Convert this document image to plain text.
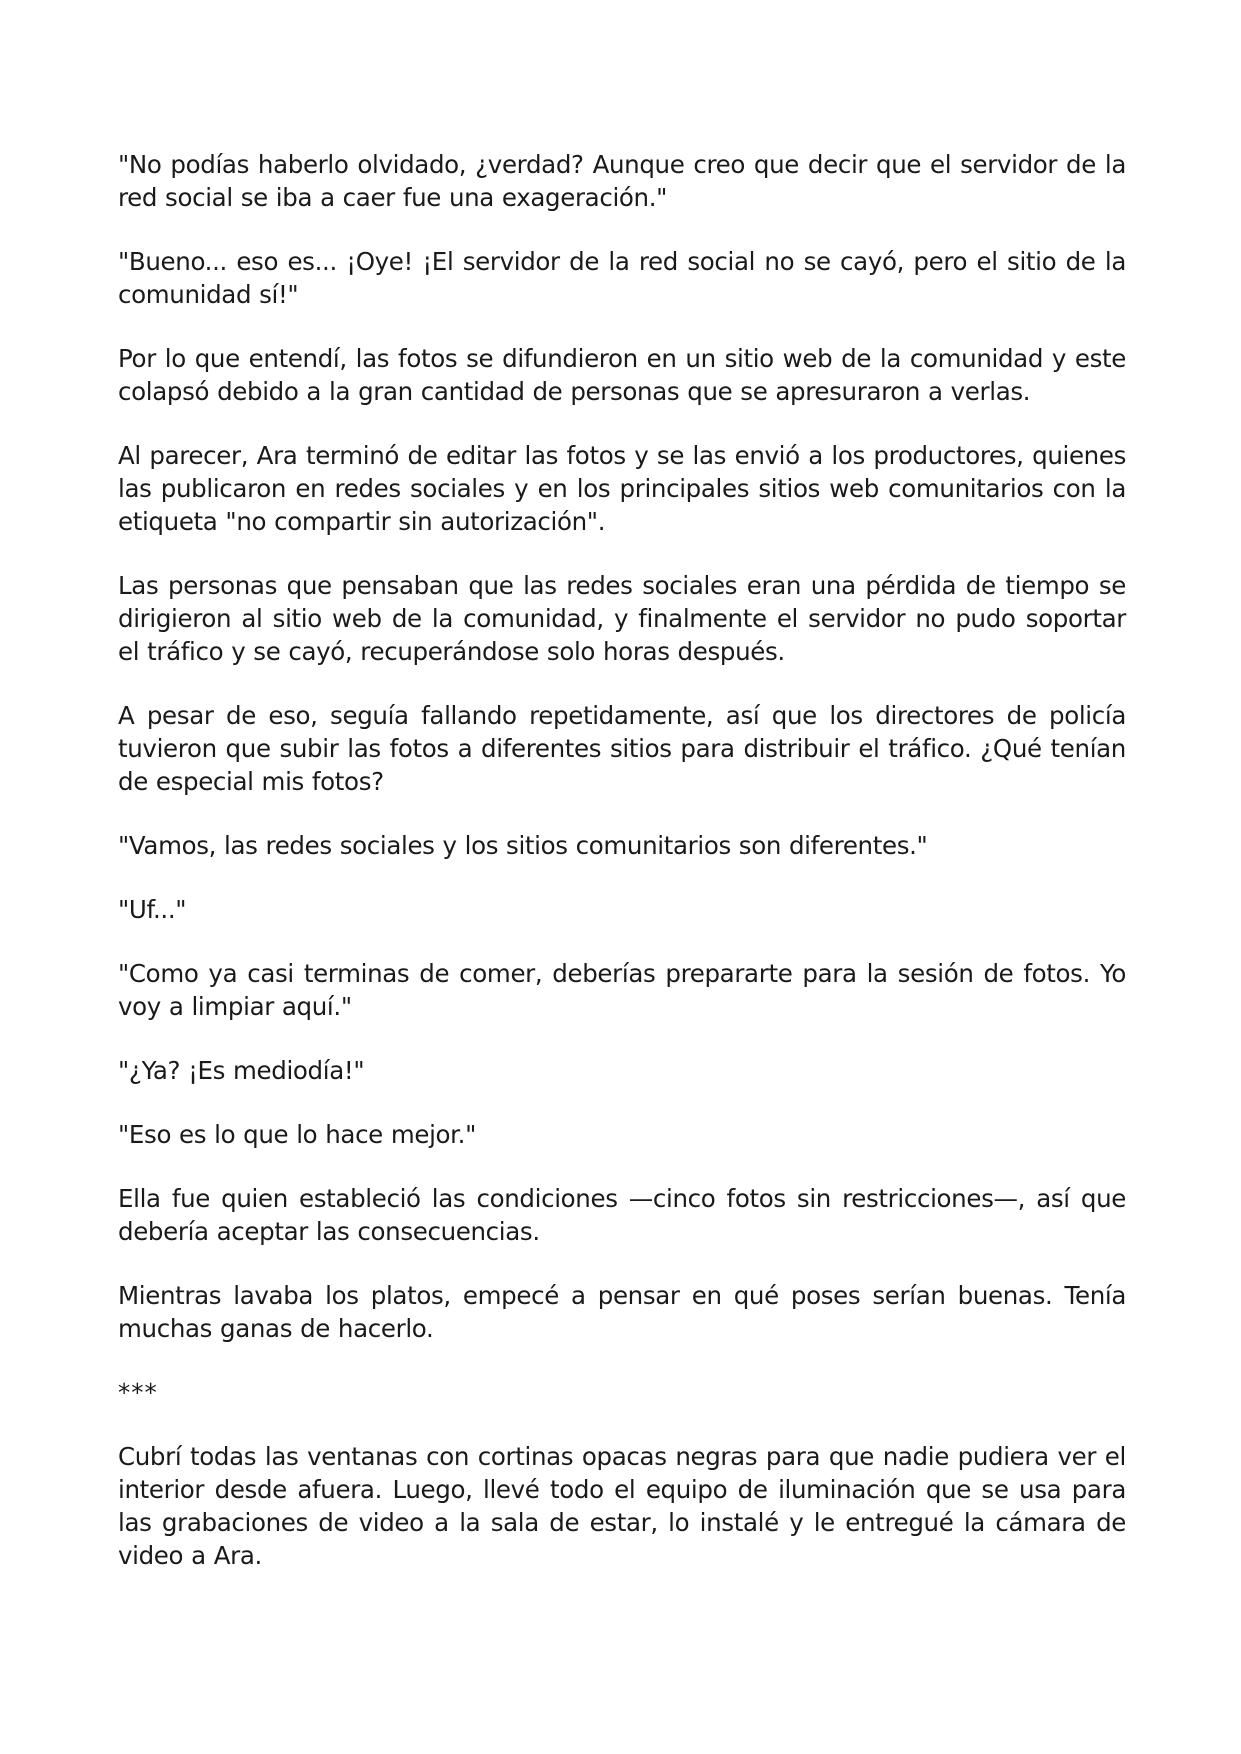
"No podías haberlo olvidado, ¿verdad? Aunque creo que decir que el servidor de la red social se iba a caer fue una exageración."

"Bueno... eso es... ¡Oye! ¡El servidor de la red social no se cayó, pero el sitio de la comunidad sí!"

Por lo que entendí, las fotos se difundieron en un sitio web de la comunidad y este colapsó debido a la gran cantidad de personas que se apresuraron a verlas.

Al parecer, Ara terminó de editar las fotos y se las envió a los productores, quienes las publicaron en redes sociales y en los principales sitios web comunitarios con la etiqueta "no compartir sin autorización".

Las personas que pensaban que las redes sociales eran una pérdida de tiempo se dirigieron al sitio web de la comunidad, y finalmente el servidor no pudo soportar el tráfico y se cayó, recuperándose solo horas después.

A pesar de eso, seguía fallando repetidamente, así que los directores de policía tuvieron que subir las fotos a diferentes sitios para distribuir el tráfico. ¿Qué tenían de especial mis fotos?

"Vamos, las redes sociales y los sitios comunitarios son diferentes."

"Uf..."

"Como ya casi terminas de comer, deberías prepararte para la sesión de fotos. Yo voy a limpiar aquí."

"¿Ya? ¡Es mediodía!"

"Eso es lo que lo hace mejor."

Ella fue quien estableció las condiciones —cinco fotos sin restricciones—, así que debería aceptar las consecuencias.

Mientras lavaba los platos, empecé a pensar en qué poses serían buenas. Tenía muchas ganas de hacerlo.

***

Cubrí todas las ventanas con cortinas opacas negras para que nadie pudiera ver el interior desde afuera. Luego, llevé todo el equipo de iluminación que se usa para las grabaciones de video a la sala de estar, lo instalé y le entregué la cámara de video a Ara.
